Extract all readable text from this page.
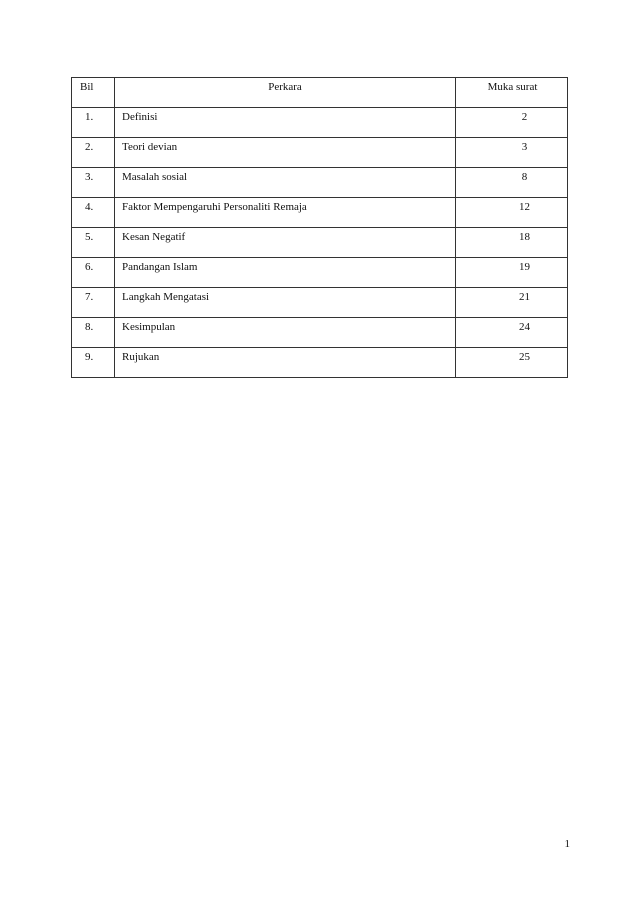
Bil	Perkara	Muka surat

1.	Definisi	2

2.	Teori devian	3

3.	Masalah sosial	8

4.	Faktor Mempengaruhi Personaliti Remaja	12

5.	Kesan Negatif	18

6.	Pandangan Islam	19

7.	Langkah Mengatasi	21

8.	Kesimpulan	24

9.	Rujukan	25
1
